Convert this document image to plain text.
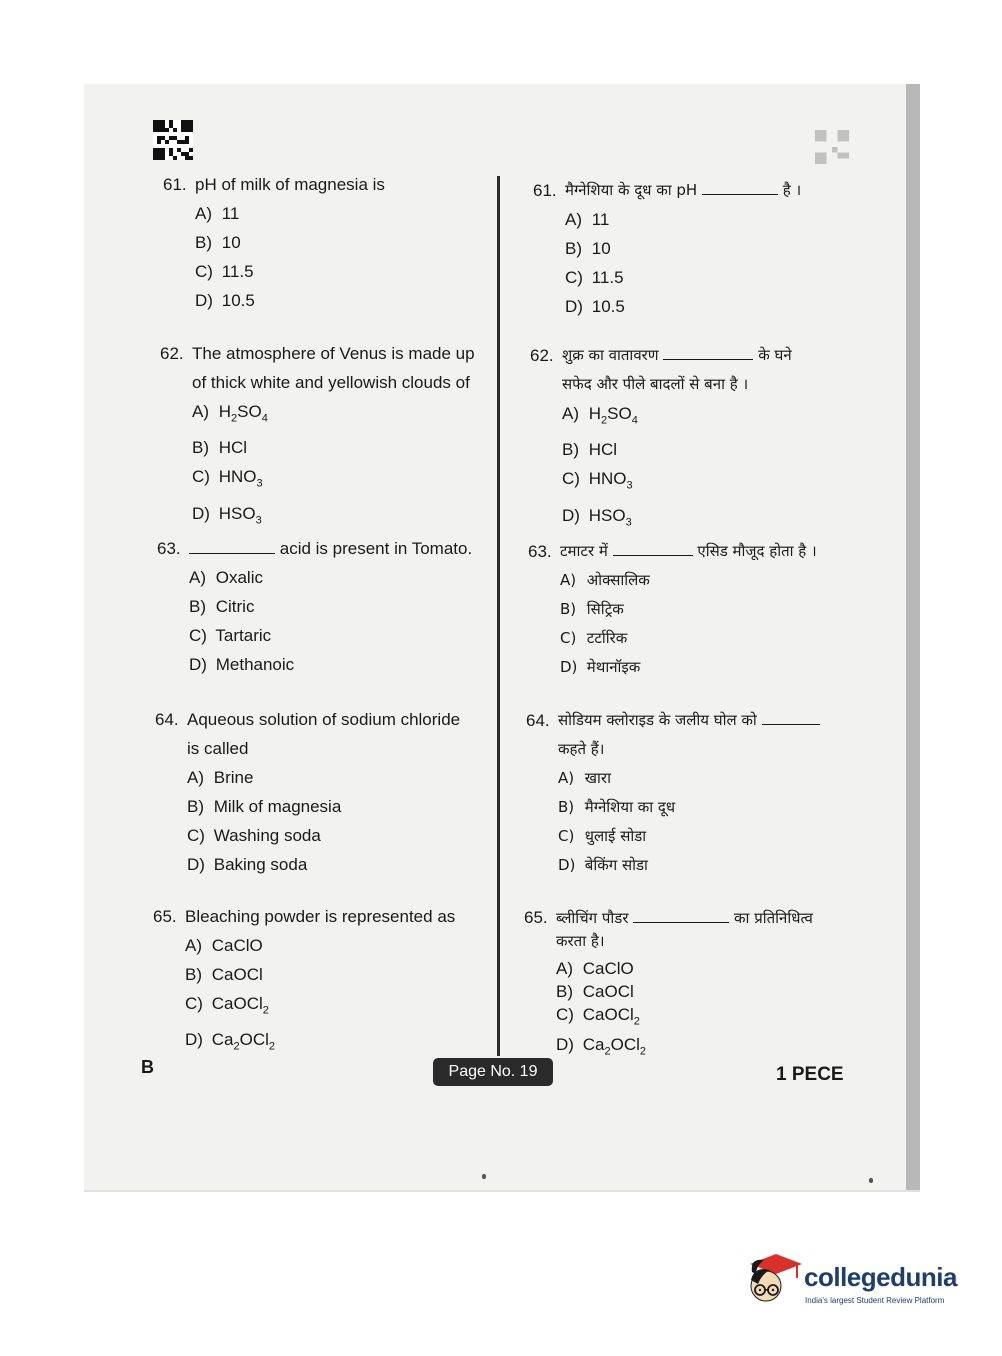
61. pH of milk of magnesia is
A) 11
B) 10
C) 11.5
D) 10.5
62. The atmosphere of Venus is made up
of thick white and yellowish clouds of
A) $H_2SO_4$
B) HCl
C) $HNO_3$
D) $HSO_3$
63.	acid is present in Tomato.
A) Oxalic
B) Citric
C) Tartaric
D) Methanoic
64. Aqueous solution of sodium chloride
is called
A) Brine
B) Milk of magnesia
C) Washing soda
D) Baking soda
65. Bleaching powder is represented as
A) CaClO
B) CaOCl
C) CaOCl$_2$
D) $Ca_2OCl_2$
61. मैग्नेशिया के दूध का pH	है ।
A) 11
B) 10
C) 11.5
D) 10.5
62. शुक्र का वातावरण	के घने
सफेद और पीले बादलों से बना है ।
A) $H_2SO_4$
B) HCl
C) $HNO_3$
D) $HSO_3$
63. टमाटर में	एसिड मौजूद होता है ।
A) ओक्सालिक
B) सिट्रिक
C) टर्टारिक
D) मेथानॉइक
64. सोडियम क्लोराइड के जलीय घोल को
कहते हैं।
A) खारा
B) मैग्नेशिया का दूध
C) धुलाई सोडा
D) बेकिंग सोडा
65. ब्लीचिंग पौडर	का प्रतिनिधित्व
करता है।
A) CaClO
B) CaOCl
C) CaOCl$_2$
D) $Ca_2OCl_2$
B	Page No. 19	1 PECE
collegedunia
India's largest Student Review Platform
